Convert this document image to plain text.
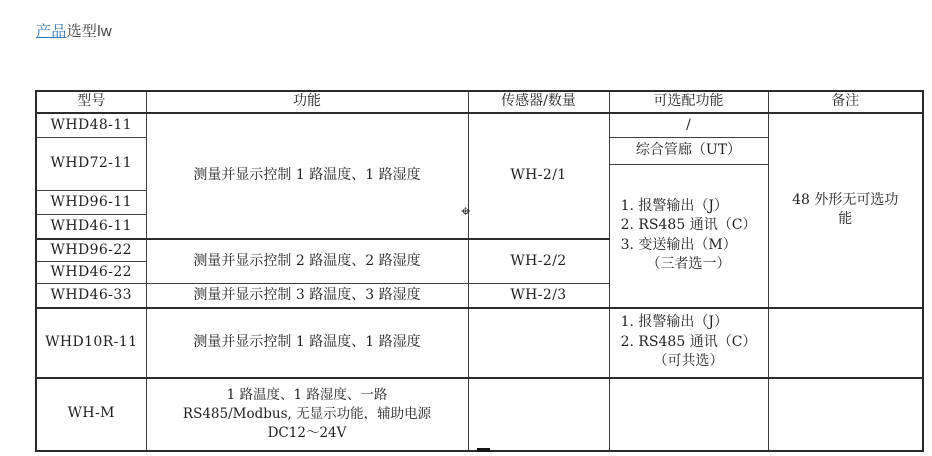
产品选型lw
型号	功能	传感器/数量	可选配功能	备注
WHD48-11	测量并显示控制 1 路温度、1 路湿度	WH-2/1	/	48 外形无可选功能
WHD72-11			综合管廊（UT）	

			1. 报警输出（J）
2. RS485 通讯（C）
3. 变送输出（M）
（三者选一）	

WHD96-11				
WHD46-11				
WHD96-22	测量并显示控制 2 路温度、2 路湿度	WH-2/2		
WHD46-22				
WHD46-33	测量并显示控制 3 路温度、3 路湿度	WH-2/3		
WHD10R-11	测量并显示控制 1 路温度、1 路湿度		1. 报警输出（J）
2. RS485 通讯（C）
（可共选）	

WH-M	1 路温度、1 路湿度、一路
RS485/Modbus, 无显示功能，辅助电源
DC12～24V			

⌖
